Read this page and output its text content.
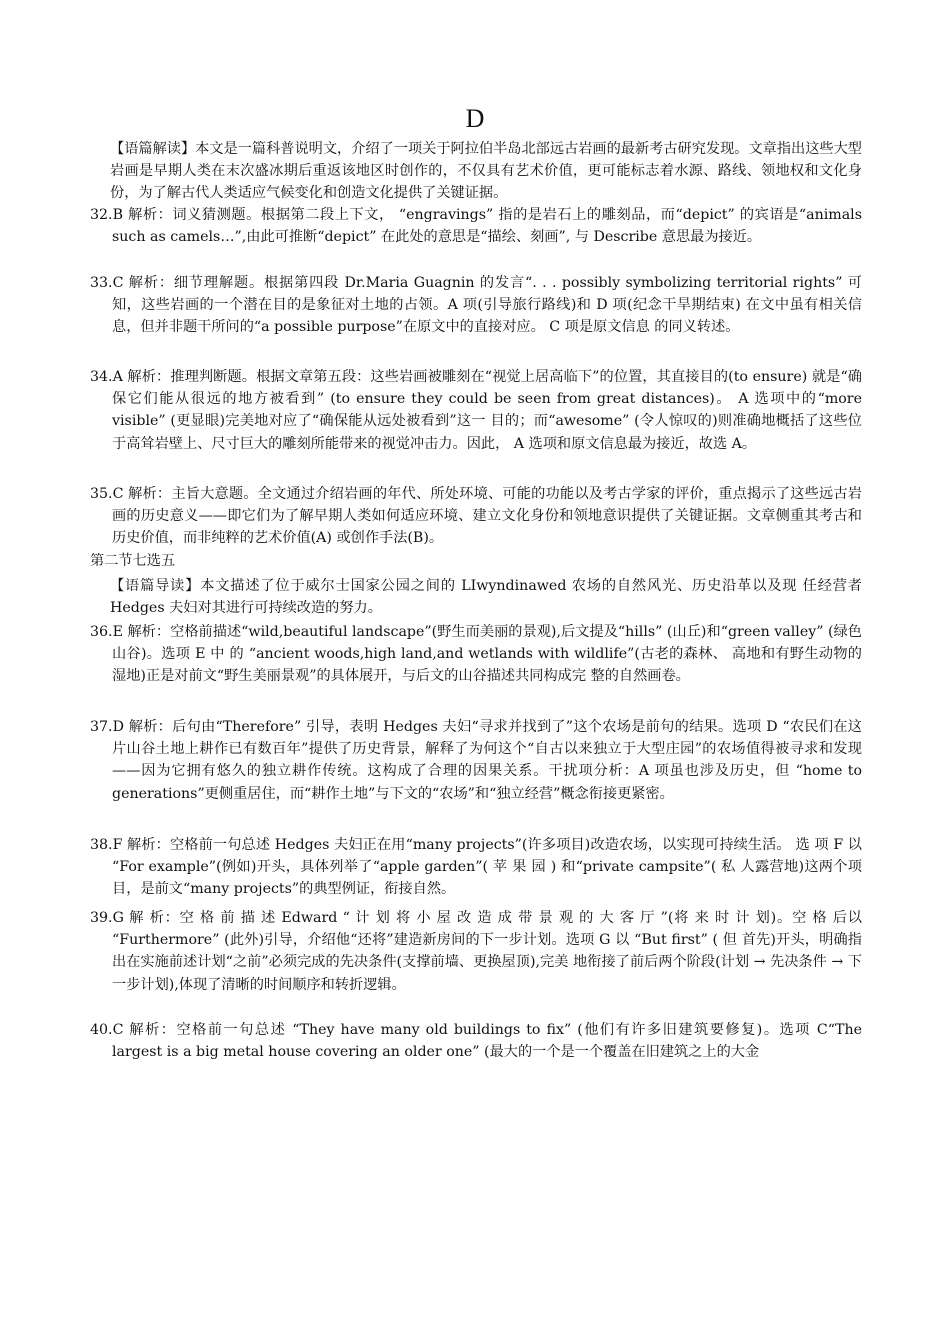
D
【语篇解读】本文是一篇科普说明文，介绍了一项关于阿拉伯半岛北部远古岩画的最新考古研究发现。文章指出这些大型岩画是早期人类在末次盛冰期后重返该地区时创作的，不仅具有艺术价值，更可能标志着水源、路线、领地权和文化身份，为了解古代人类适应气候变化和创造文化提供了关键证据。
32.B 解析：词义猜测题。根据第二段上下文， “engravings” 指的是岩石上的雕刻品，而“depict” 的宾语是“animals such as camels…”,由此可推断“depict” 在此处的意思是“描绘、刻画”, 与 Describe 意思最为接近。
33.C 解析：细节理解题。根据第四段 Dr.Maria Guagnin 的发言“. . . possibly symbolizing territorial rights” 可知，这些岩画的一个潜在目的是象征对土地的占领。A 项(引导旅行路线)和 D 项(纪念干旱期结束) 在文中虽有相关信息，但并非题干所问的“a possible purpose”在原文中的直接对应。 C 项是原文信息 的同义转述。
34.A 解析：推理判断题。根据文章第五段：这些岩画被雕刻在“视觉上居高临下”的位置，其直接目的(to ensure) 就是“确保它们能从很远的地方被看到” (to ensure they could be seen from great distances)。 A 选项中的“more visible” (更显眼)完美地对应了“确保能从远处被看到”这一 目的；而“awesome” (令人惊叹的)则准确地概括了这些位于高耸岩壁上、尺寸巨大的雕刻所能带来的视觉冲击力。因此， A 选项和原文信息最为接近，故选 A。
35.C 解析：主旨大意题。全文通过介绍岩画的年代、所处环境、可能的功能以及考古学家的评价，重点揭示了这些远古岩画的历史意义——即它们为了解早期人类如何适应环境、建立文化身份和领地意识提供了关键证据。文章侧重其考古和历史价值，而非纯粹的艺术价值(A) 或创作手法(B)。
第二节七选五
【语篇导读】本文描述了位于威尔士国家公园之间的 LIwyndinawed 农场的自然风光、历史沿革以及现 任经营者 Hedges 夫妇对其进行可持续改造的努力。
36.E 解析：空格前描述“wild,beautiful landscape”(野生而美丽的景观),后文提及“hills” (山丘)和“green valley” (绿色山谷)。选项 E 中 的 “ancient woods,high land,and wetlands with wildlife”(古老的森林、 高地和有野生动物的湿地)正是对前文“野生美丽景观”的具体展开，与后文的山谷描述共同构成完 整的自然画卷。
37.D 解析：后句由“Therefore” 引导，表明 Hedges 夫妇“寻求并找到了”这个农场是前句的结果。选项 D “农民们在这片山谷土地上耕作已有数百年”提供了历史背景，解释了为何这个“自古以来独立于大型庄园”的农场值得被寻求和发现——因为它拥有悠久的独立耕作传统。这构成了合理的因果关系。干扰项分析：A 项虽也涉及历史，但 “home to generations”更侧重居住，而“耕作土地”与下文的“农场”和“独立经营”概念衔接更紧密。
38.F 解析：空格前一句总述 Hedges 夫妇正在用“many projects”(许多项目)改造农场，以实现可持续生活。 选 项 F 以 “For example”(例如)开头，具体列举了“apple garden”( 苹 果 园 ) 和“private campsite”( 私 人露营地)这两个项目，是前文“many projects”的典型例证，衔接自然。
39.G 解 析：空 格 前 描 述 Edward “ 计 划 将 小 屋 改 造 成 带 景 观 的 大 客 厅 ”(将 来 时 计 划)。空 格 后以 “Furthermore” (此外)引导，介绍他“还将”建造新房间的下一步计划。选项 G 以 “But first” ( 但 首先)开头，明确指出在实施前述计划“之前”必须完成的先决条件(支撑前墙、更换屋顶),完美 地衔接了前后两个阶段(计划 → 先决条件 → 下一步计划),体现了清晰的时间顺序和转折逻辑。
40.C 解析：空格前一句总述 “They have many old buildings to fix” (他们有许多旧建筑要修复)。选项 C“The largest is a big metal house covering an older one” (最大的一个是一个覆盖在旧建筑之上的大金
